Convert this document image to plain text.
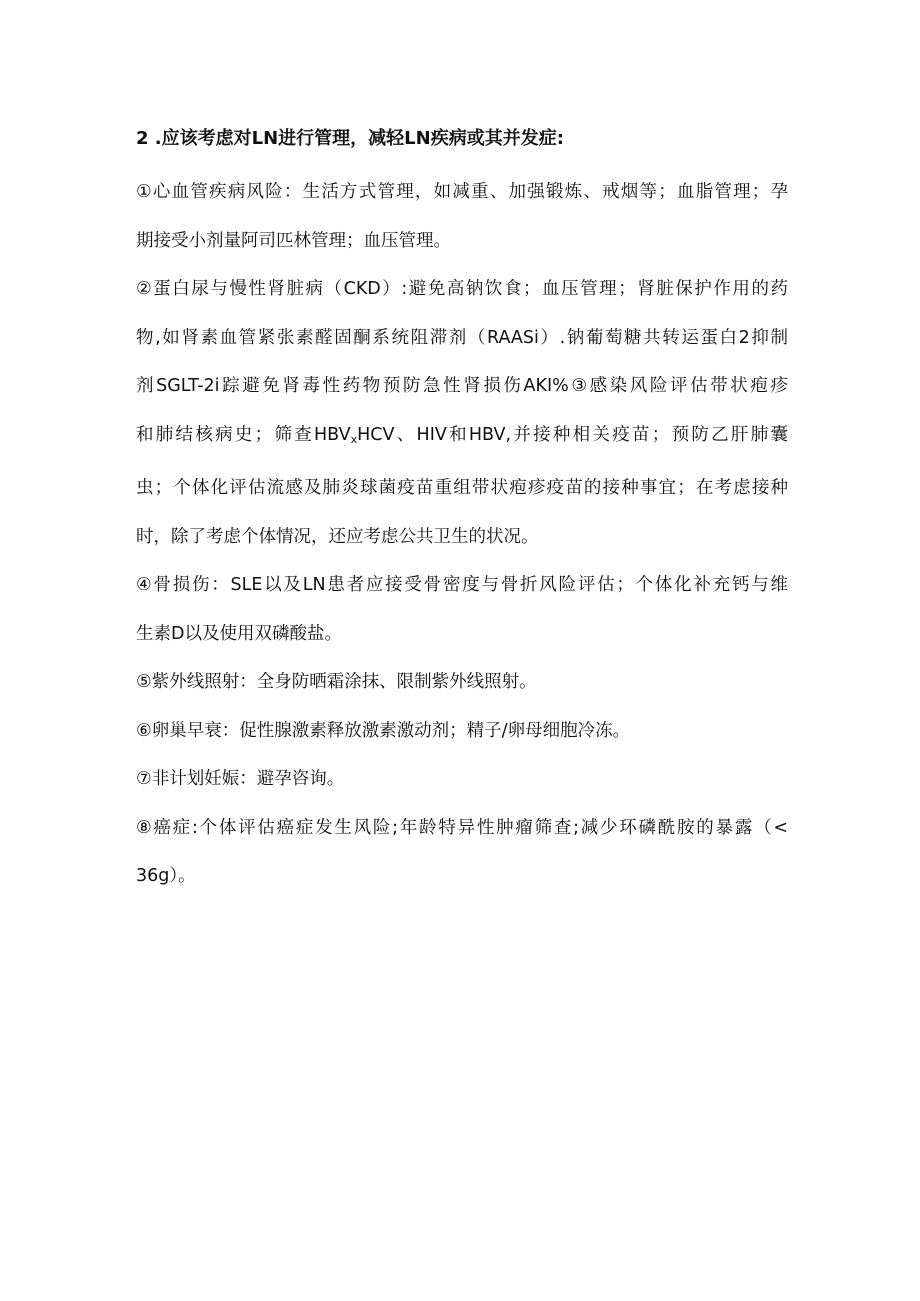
2 .应该考虑对LN进行管理，减轻LN疾病或其并发症:
①心血管疾病风险：生活方式管理，如减重、加强锻炼、戒烟等；血脂管理；孕
期接受小剂量阿司匹林管理；血压管理。
②蛋白尿与慢性肾脏病（CKD）:避免高钠饮食；血压管理；肾脏保护作用的药
物,如肾素血管紧张素醛固酮系统阻滞剂（RAASi）.钠葡萄糖共转运蛋白2抑制
剂SGLT-2i踪避免肾毒性药物预防急性肾损伤AKI%③感染风险评估带状疱疹
和肺结核病史；筛查$HBV_xHCV$、HIV和HBV,并接种相关疫苗；预防乙肝肺囊
虫；个体化评估流感及肺炎球菌疫苗重组带状疱疹疫苗的接种事宜；在考虑接种
时，除了考虑个体情况，还应考虑公共卫生的状况。
④骨损伤：SLE以及LN患者应接受骨密度与骨折风险评估；个体化补充钙与维
生素D以及使用双磷酸盐。
⑤紫外线照射：全身防晒霜涂抹、限制紫外线照射。
⑥卵巢早衰：促性腺激素释放激素激动剂；精子/卵母细胞冷冻。
⑦非计划妊娠：避孕咨询。
⑧癌症:个体评估癌症发生风险;年龄特异性肿瘤筛查;减少环磷酰胺的暴露（<
36g）。
